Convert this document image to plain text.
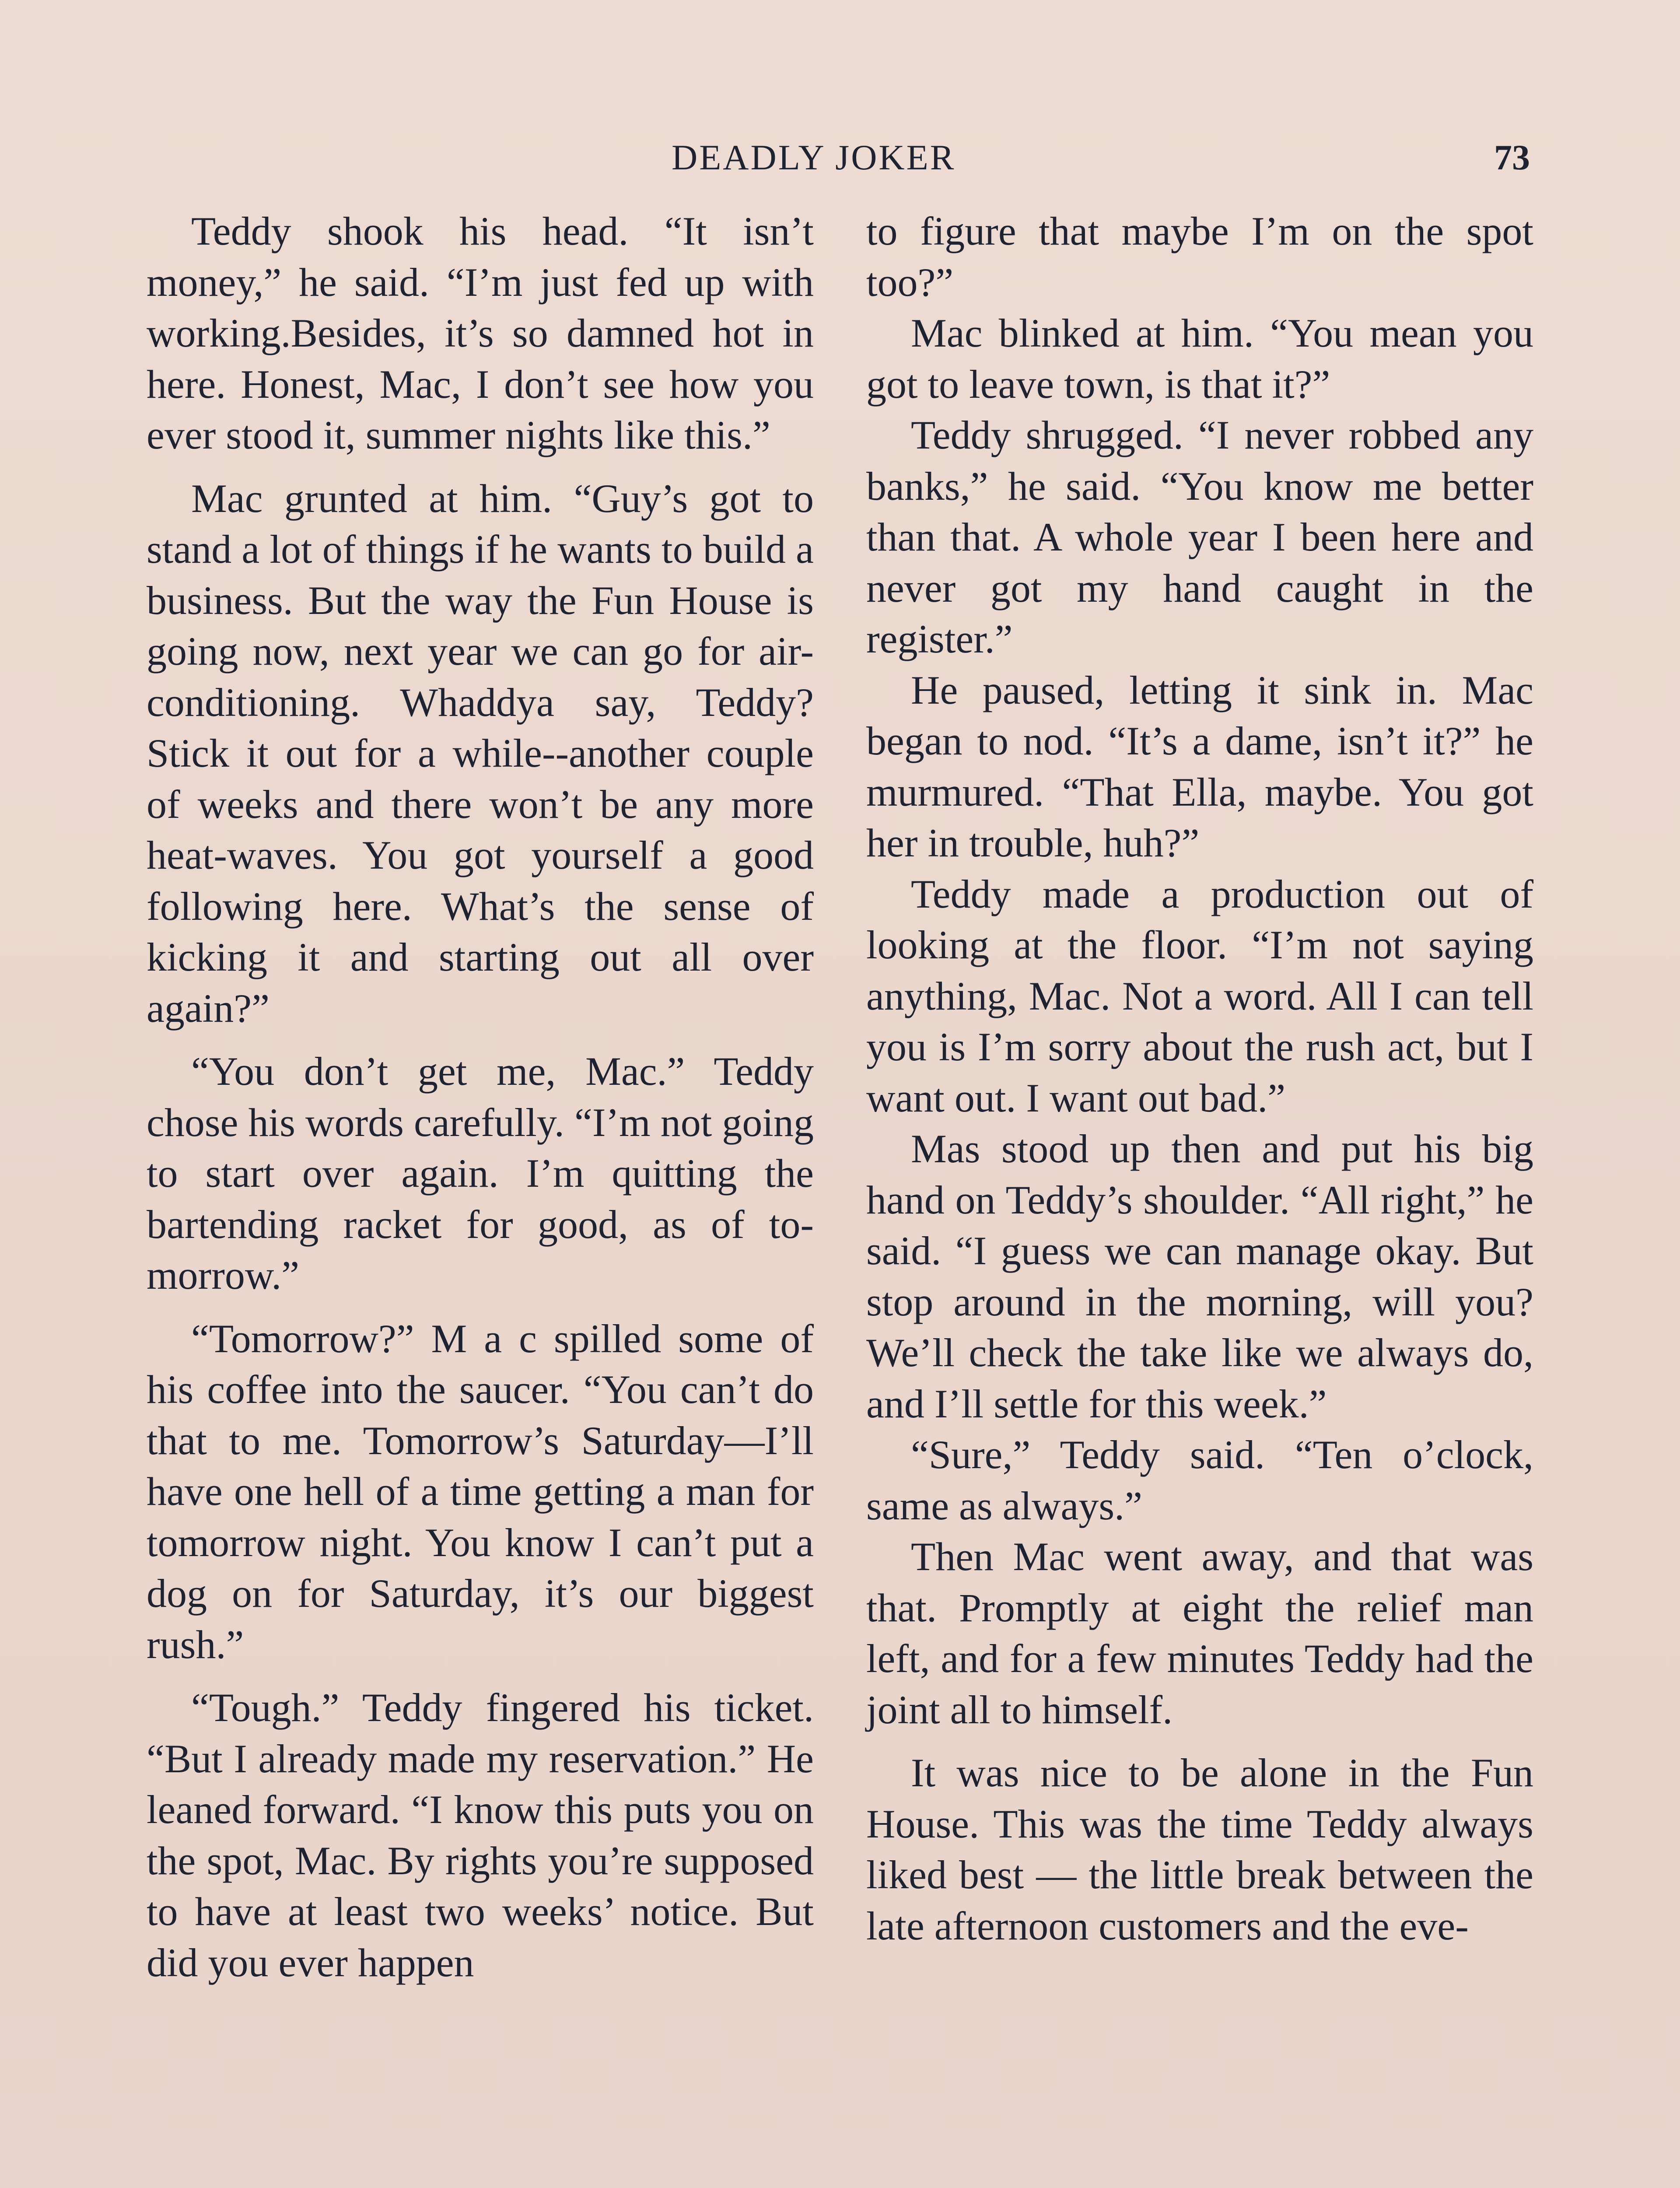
DEADLY JOKER	73

Teddy shook his head. “It isn’t money,” he said. “I’m just fed up with working.Besides, it’s so damned hot in here. Honest, Mac, I don’t see how you ever stood it, summer nights like this.”

Mac grunted at him. “Guy’s got to stand a lot of things if he wants to build a business. But the way the Fun House is going now, next year we can go for air-conditioning. Whaddya say, Teddy? Stick it out for a while--another couple of weeks and there won’t be any more heat-waves. You got yourself a good following here. What’s the sense of kicking it and starting out all over again?”

“You don’t get me, Mac.” Teddy chose his words carefully. “I’m not going to start over again. I’m quitting the bartending racket for good, as of tomorrow.”

“Tomorrow?” M a c spilled some of his coffee into the saucer. “You can’t do that to me. Tomorrow’s Saturday—I’ll have one hell of a time getting a man for tomorrow night. You know I can’t put a dog on for Saturday, it’s our biggest rush.”

“Tough.” Teddy fingered his ticket. “But I already made my reservation.” He leaned forward. “I know this puts you on the spot, Mac. By rights you’re supposed to have at least two weeks’ notice. But did you ever happen

to figure that maybe I’m on the spot too?”

Mac blinked at him. “You mean you got to leave town, is that it?”

Teddy shrugged. “I never robbed any banks,” he said. “You know me better than that. A whole year I been here and never got my hand caught in the register.”

He paused, letting it sink in. Mac began to nod. “It’s a dame, isn’t it?” he murmured. “That Ella, maybe. You got her in trouble, huh?”

Teddy made a production out of looking at the floor. “I’m not saying anything, Mac. Not a word. All I can tell you is I’m sorry about the rush act, but I want out. I want out bad.”

Mas stood up then and put his big hand on Teddy’s shoulder. “All right,” he said. “I guess we can manage okay. But stop around in the morning, will you? We’ll check the take like we always do, and I’ll settle for this week.”

“Sure,” Teddy said. “Ten o’clock, same as always.”

Then Mac went away, and that was that. Promptly at eight the relief man left, and for a few minutes Teddy had the joint all to himself.

It was nice to be alone in the Fun House. This was the time Teddy always liked best — the little break between the late afternoon customers and the eve-
